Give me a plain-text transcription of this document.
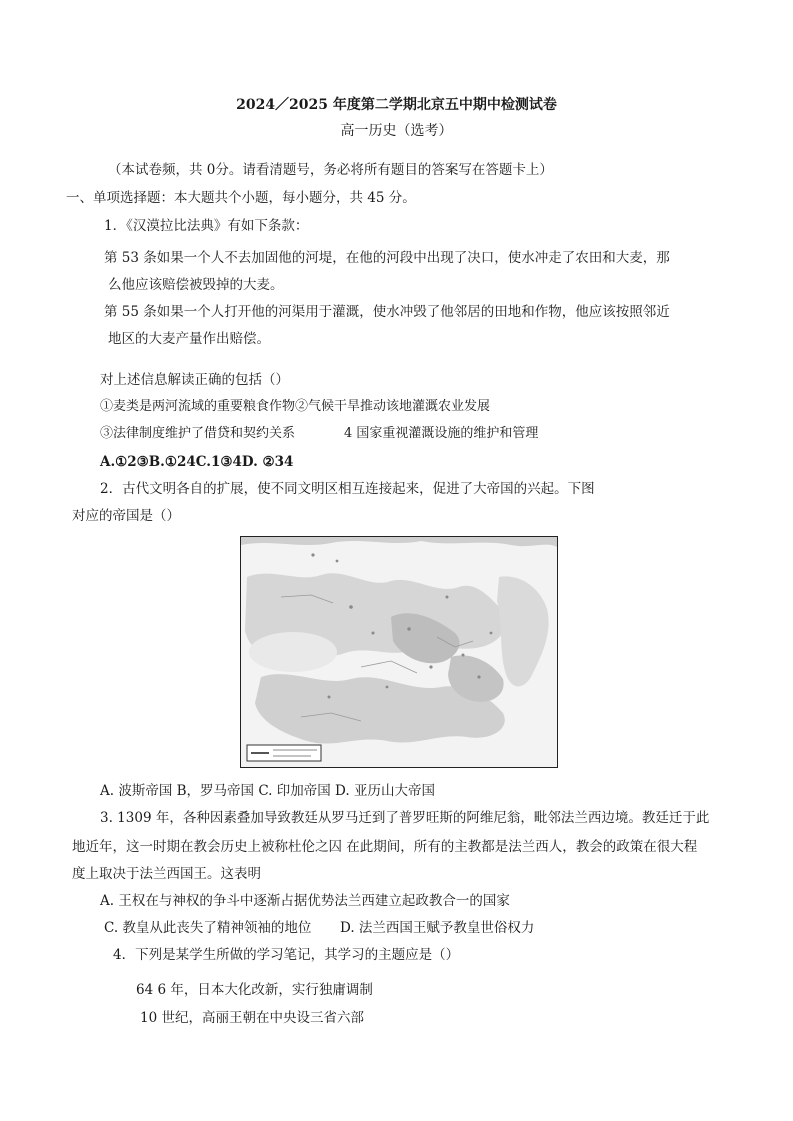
2024／2025 年度第二学期北京五中期中检测试卷
高一历史（选考）
（本试卷频，共 0分。请看清题号，务必将所有题目的答案写在答题卡上）
一、单项选择题：本大题共个小题，每小题分，共 45 分。
1．《汉漠拉比法典》有如下条款：
第 53 条如果一个人不去加固他的河堤，在他的河段中出现了决口，使水冲走了农田和大麦，那
么他应该赔偿被毁掉的大麦。
第 55 条如果一个人打开他的河渠用于灌溉，使水冲毁了他邻居的田地和作物，他应该按照邻近
地区的大麦产量作出赔偿。
对上述信息解读正确的包括（）
①麦类是两河流域的重要粮食作物②气候干旱推动该地灌溉农业发展
③法律制度维护了借贷和契约关系	4 国家重视灌溉设施的维护和管理
A.①2③B.①24C.1③4D. ②34
2．古代文明各自的扩展，使不同文明区相互连接起来，促进了大帝国的兴起。下图
对应的帝国是（）
A. 波斯帝国 B，罗马帝国 C. 印加帝国 D. 亚历山大帝国
3. 1309 年，各种因素叠加导致教廷从罗马迁到了普罗旺斯的阿维尼翁，毗邻法兰西边境。教廷迁于此
地近年，这一时期在教会历史上被称杜伦之囚 在此期间，所有的主教都是法兰西人，教会的政策在很大程
度上取决于法兰西国王。这表明
A. 王权在与神权的争斗中逐渐占据优势法兰西建立起政教合一的国家
C. 教皇从此丧失了精神领袖的地位 D. 法兰西国王赋予教皇世俗权力
4．下列是某学生所做的学习笔记，其学习的主题应是（）
64 6 年，日本大化改新，实行独庸调制
10 世纪，高丽王朝在中央设三省六部
